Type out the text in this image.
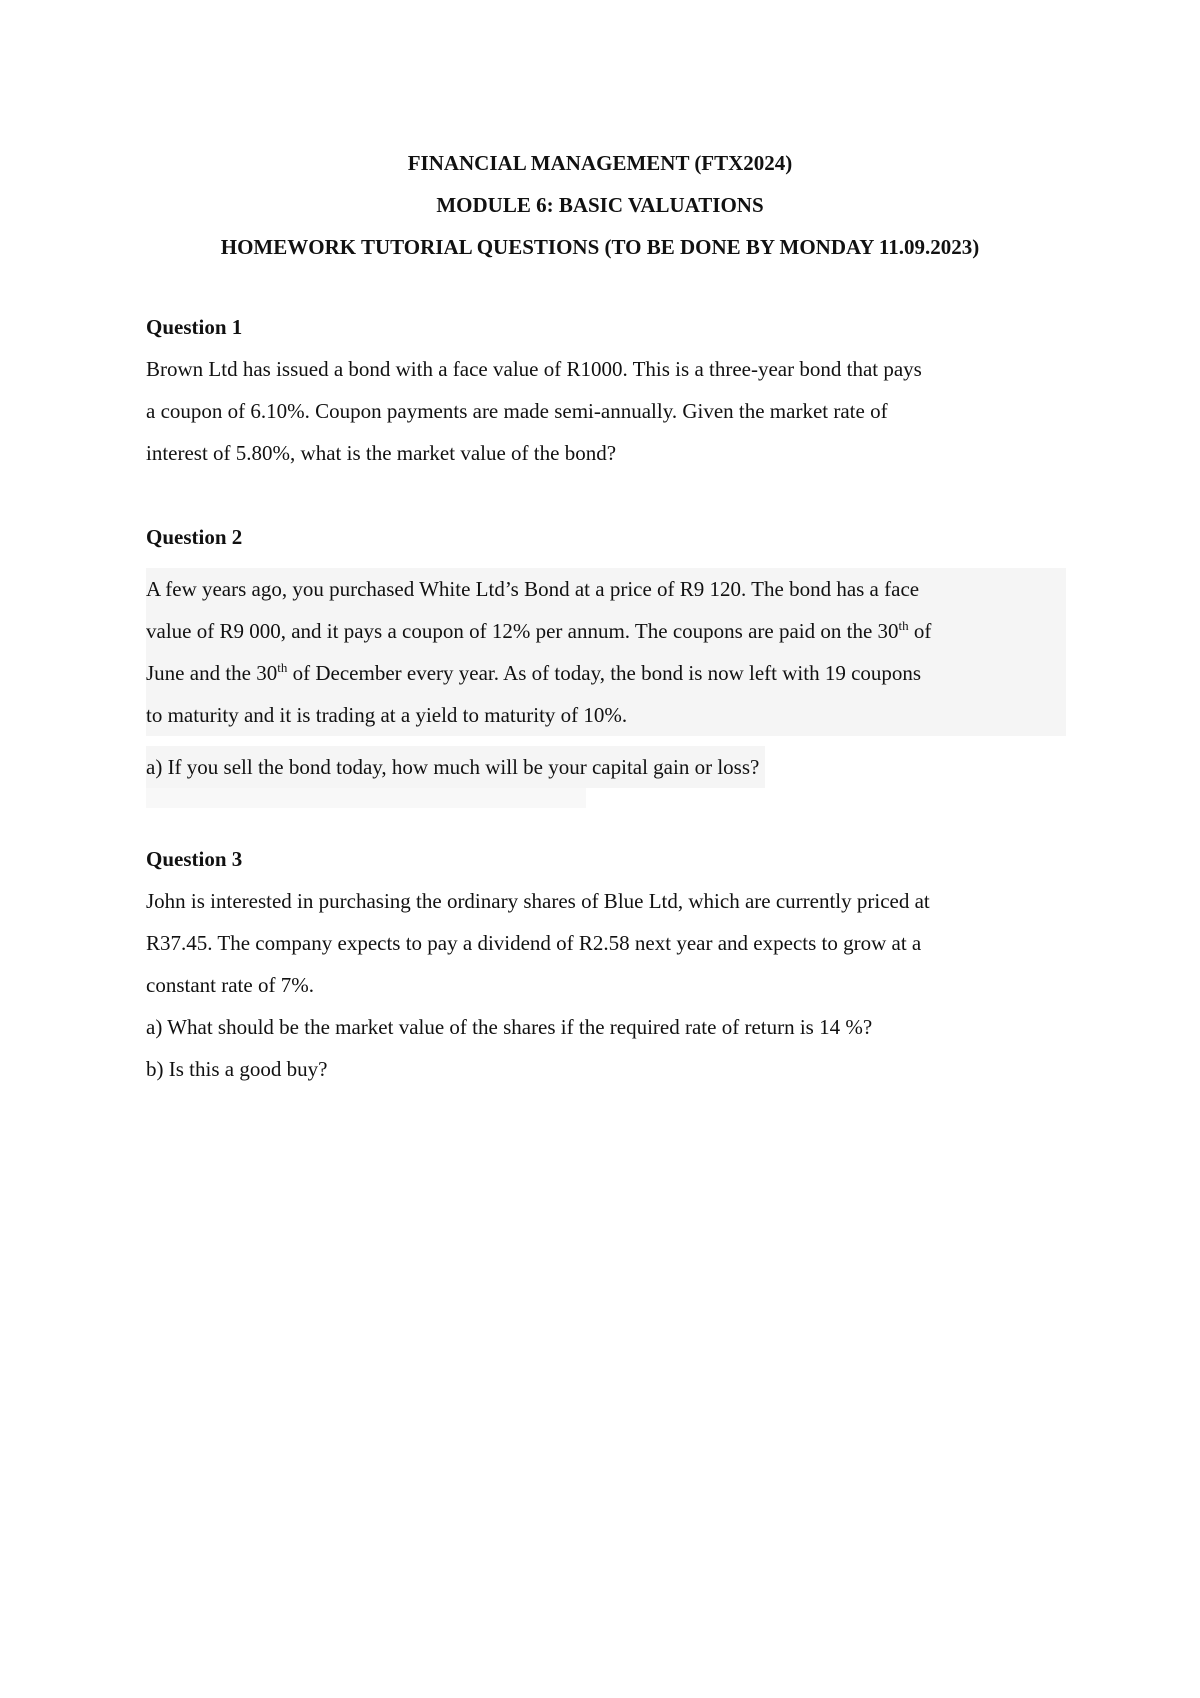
FINANCIAL MANAGEMENT (FTX2024)
MODULE 6: BASIC VALUATIONS
HOMEWORK TUTORIAL QUESTIONS (TO BE DONE BY MONDAY 11.09.2023)
Question 1
Brown Ltd has issued a bond with a face value of R1000. This is a three-year bond that pays
a coupon of 6.10%. Coupon payments are made semi-annually. Given the market rate of
interest of 5.80%, what is the market value of the bond?
Question 2
A few years ago, you purchased White Ltd’s Bond at a price of R9 120. The bond has a face
value of R9 000, and it pays a coupon of 12% per annum. The coupons are paid on the 30th of
June and the 30th of December every year. As of today, the bond is now left with 19 coupons
to maturity and it is trading at a yield to maturity of 10%.
a) If you sell the bond today, how much will be your capital gain or loss?
Question 3
John is interested in purchasing the ordinary shares of Blue Ltd, which are currently priced at
R37.45. The company expects to pay a dividend of R2.58 next year and expects to grow at a
constant rate of 7%.
a) What should be the market value of the shares if the required rate of return is 14 %?
b) Is this a good buy?
